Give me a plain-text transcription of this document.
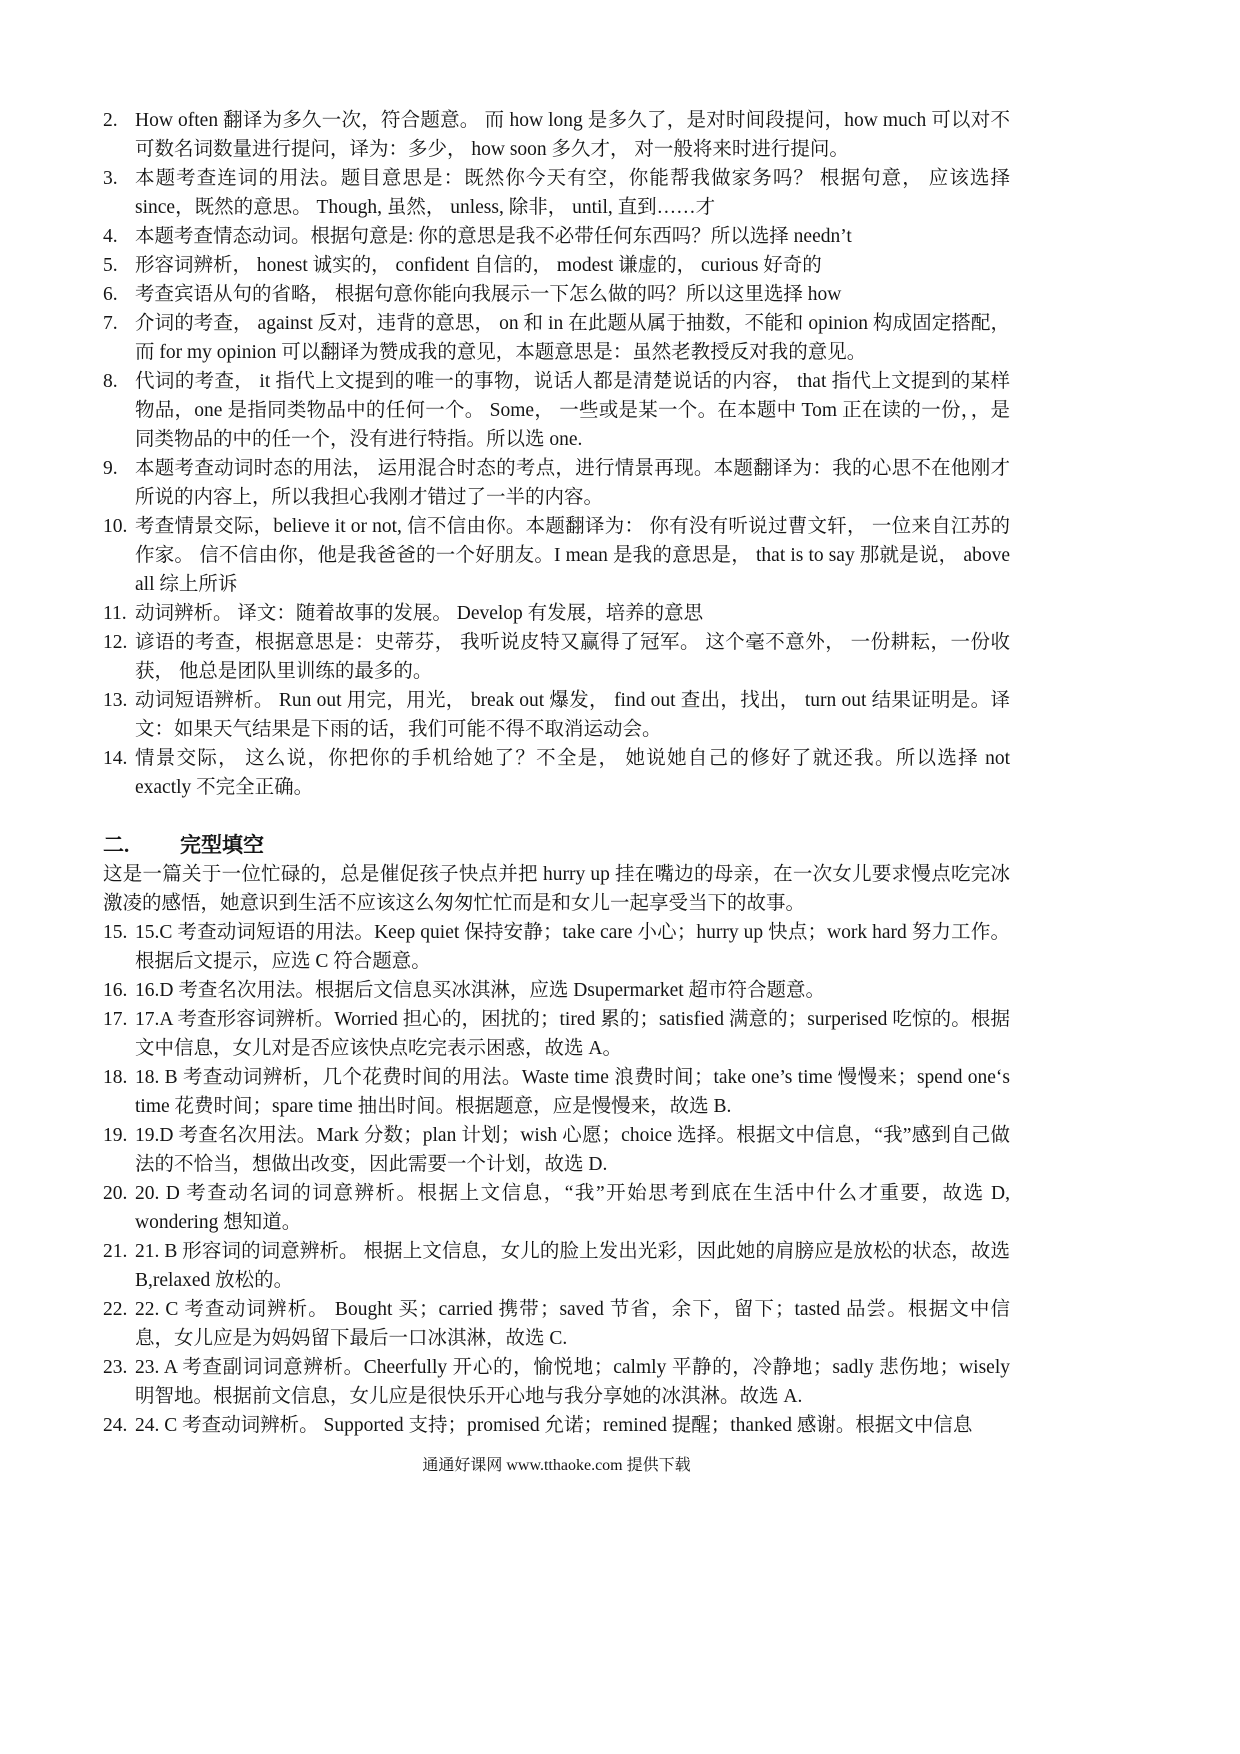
2. How often 翻译为多久一次，符合题意。 而 how long 是多久了，是对时间段提问，how much 可以对不可数名词数量进行提问，译为：多少， how soon 多久才， 对一般将来时进行提问。
3. 本题考查连词的用法。题目意思是：既然你今天有空，你能帮我做家务吗？ 根据句意， 应该选择 since，既然的意思。 Though, 虽然， unless, 除非， until, 直到……才
4. 本题考查情态动词。根据句意是: 你的意思是我不必带任何东西吗？所以选择 needn’t
5. 形容词辨析， honest 诚实的， confident 自信的， modest 谦虚的， curious 好奇的
6. 考查宾语从句的省略， 根据句意你能向我展示一下怎么做的吗？所以这里选择 how
7. 介词的考查， against 反对，违背的意思， on 和 in 在此题从属于抽数，不能和 opinion 构成固定搭配，而 for my opinion 可以翻译为赞成我的意见，本题意思是：虽然老教授反对我的意见。
8. 代词的考查， it 指代上文提到的唯一的事物，说话人都是清楚说话的内容， that 指代上文提到的某样物品，one 是指同类物品中的任何一个。 Some， 一些或是某一个。在本题中 Tom 正在读的一份，，是同类物品的中的任一个，没有进行特指。所以选 one.
9. 本题考查动词时态的用法， 运用混合时态的考点，进行情景再现。本题翻译为：我的心思不在他刚才所说的内容上，所以我担心我刚才错过了一半的内容。
10. 考查情景交际，believe it or not, 信不信由你。本题翻译为： 你有没有听说过曹文轩， 一位来自江苏的作家。 信不信由你，他是我爸爸的一个好朋友。I mean 是我的意思是， that is to say 那就是说， above all 综上所诉
11. 动词辨析。 译文：随着故事的发展。 Develop 有发展，培养的意思
12. 谚语的考查，根据意思是：史蒂芬， 我听说皮特又赢得了冠军。 这个毫不意外， 一份耕耘，一份收获， 他总是团队里训练的最多的。
13. 动词短语辨析。 Run out 用完，用光， break out 爆发， find out 查出，找出， turn out 结果证明是。译文：如果天气结果是下雨的话，我们可能不得不取消运动会。
14. 情景交际， 这么说，你把你的手机给她了？不全是， 她说她自己的修好了就还我。所以选择 not exactly 不完全正确。
二.	完型填空
这是一篇关于一位忙碌的，总是催促孩子快点并把 hurry up 挂在嘴边的母亲，在一次女儿要求慢点吃完冰激凌的感悟，她意识到生活不应该这么匆匆忙忙而是和女儿一起享受当下的故事。
15. 15.C 考查动词短语的用法。Keep quiet 保持安静；take care 小心；hurry up 快点；work hard 努力工作。根据后文提示，应选 C 符合题意。
16. 16.D 考查名次用法。根据后文信息买冰淇淋，应选 Dsupermarket 超市符合题意。
17. 17.A 考查形容词辨析。Worried 担心的，困扰的；tired 累的；satisfied 满意的；surperised 吃惊的。根据文中信息，女儿对是否应该快点吃完表示困惑，故选 A。
18. 18. B 考查动词辨析，几个花费时间的用法。Waste time 浪费时间；take one’s time 慢慢来；spend one‘s time 花费时间；spare time 抽出时间。根据题意，应是慢慢来，故选 B.
19. 19.D 考查名次用法。Mark 分数；plan 计划；wish 心愿；choice 选择。根据文中信息，“我”感到自己做法的不恰当，想做出改变，因此需要一个计划，故选 D.
20. 20. D 考查动名词的词意辨析。根据上文信息，“我”开始思考到底在生活中什么才重要，故选 D, wondering 想知道。
21. 21. B 形容词的词意辨析。 根据上文信息，女儿的脸上发出光彩，因此她的肩膀应是放松的状态，故选 B,relaxed 放松的。
22. 22. C 考查动词辨析。 Bought 买；carried 携带；saved 节省，余下，留下；tasted 品尝。根据文中信息，女儿应是为妈妈留下最后一口冰淇淋，故选 C.
23. 23. A 考查副词词意辨析。Cheerfully 开心的，愉悦地；calmly 平静的，冷静地；sadly 悲伤地；wisely 明智地。根据前文信息，女儿应是很快乐开心地与我分享她的冰淇淋。故选 A.
24. 24. C 考查动词辨析。 Supported 支持；promised 允诺；remined 提醒；thanked 感谢。根据文中信息
通通好课网 www.tthaoke.com 提供下载
